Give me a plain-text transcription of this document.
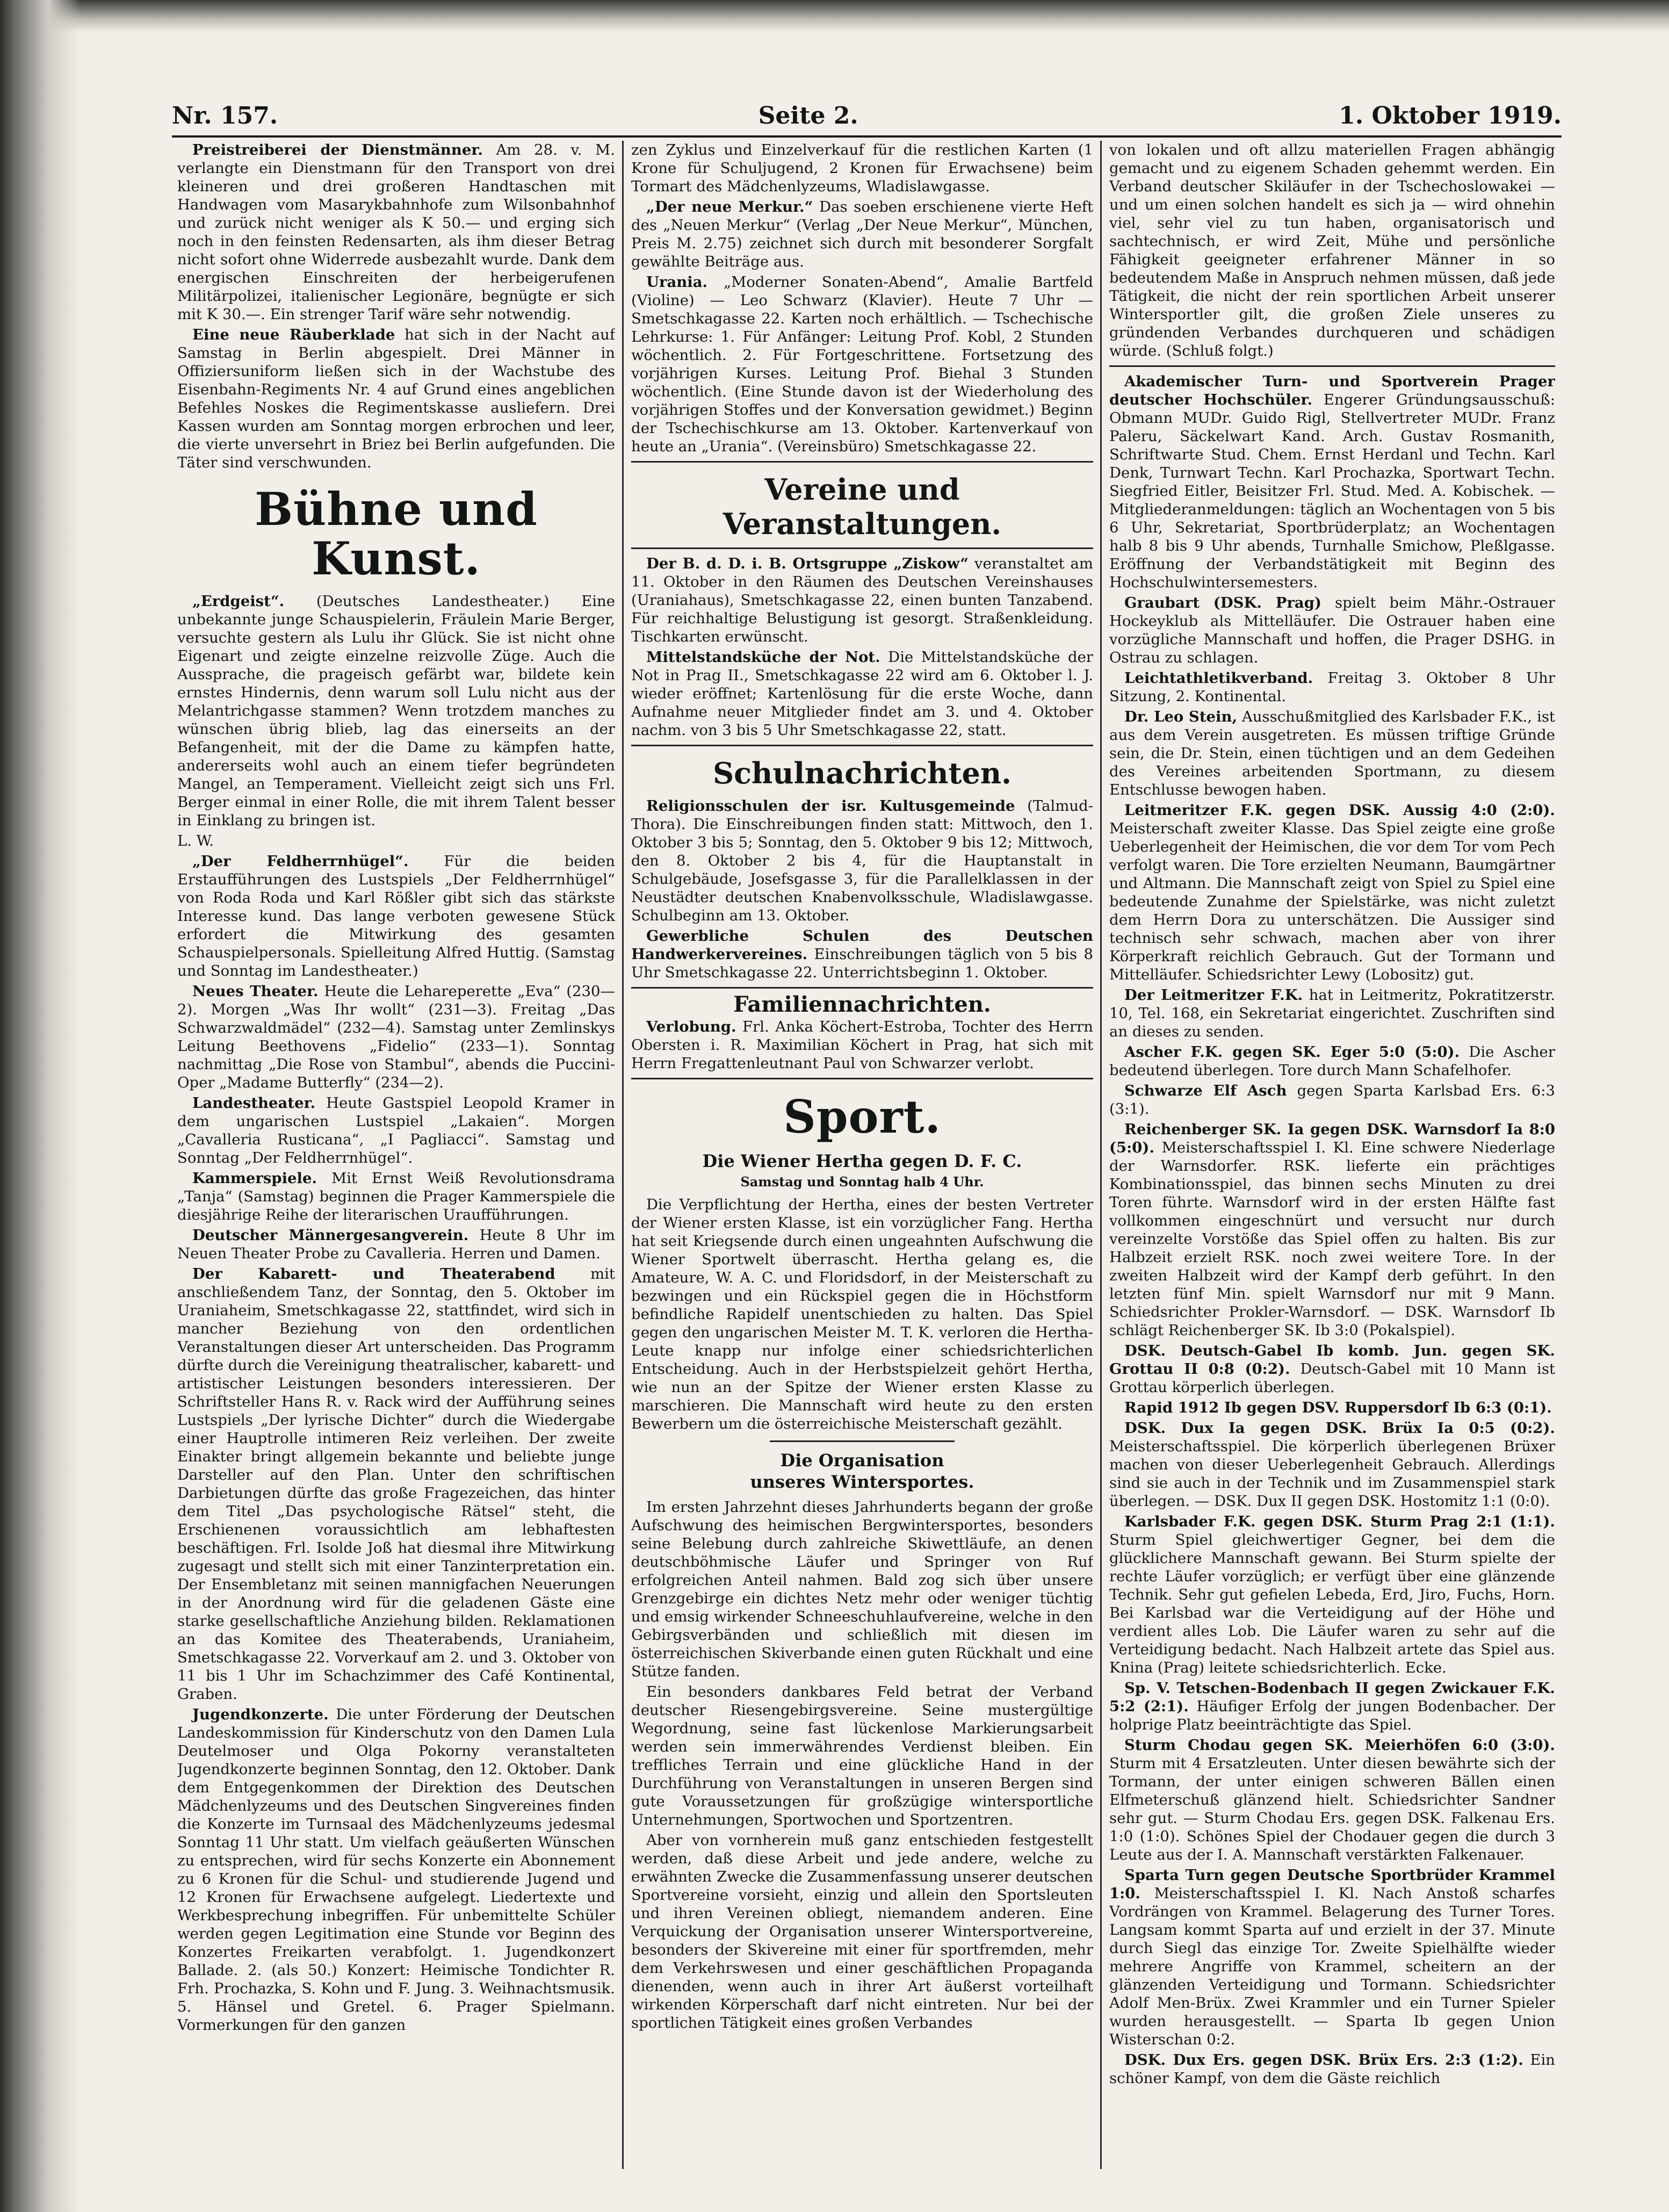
Nr. 157.	Seite 2.	1. Oktober 1919.

Preistreiberei der Dienstmänner. Am 28. v. M. verlangte ein Dienstmann für den Transport von drei kleineren und drei großeren Handtaschen mit Handwagen vom Masarykbahnhofe zum Wilsonbahnhof und zurück nicht weniger als K 50.— und erging sich noch in den feinsten Redensarten, als ihm dieser Betrag nicht sofort ohne Widerrede ausbezahlt wurde. Dank dem energischen Einschreiten der herbeigerufenen Militärpolizei, italienischer Legionäre, begnügte er sich mit K 30.—. Ein strenger Tarif wäre sehr notwendig.

Eine neue Räuberklade hat sich in der Nacht auf Samstag in Berlin abgespielt. Drei Männer in Offiziersuniform ließen sich in der Wachstube des Eisenbahn-Regiments Nr. 4 auf Grund eines angeblichen Befehles Noskes die Regimentskasse ausliefern. Drei Kassen wurden am Sonntag morgen erbrochen und leer, die vierte unversehrt in Briez bei Berlin aufgefunden. Die Täter sind verschwunden.

Bühne und Kunst.

„Erdgeist“. (Deutsches Landestheater.) Eine unbekannte junge Schauspielerin, Fräulein Marie Berger, versuchte gestern als Lulu ihr Glück. Sie ist nicht ohne Eigenart und zeigte einzelne reizvolle Züge. Auch die Aussprache, die prageisch gefärbt war, bildete kein ernstes Hindernis, denn warum soll Lulu nicht aus der Melantrichgasse stammen? Wenn trotzdem manches zu wünschen übrig blieb, lag das einerseits an der Befangenheit, mit der die Dame zu kämpfen hatte, andererseits wohl auch an einem tiefer begründeten Mangel, an Temperament. Vielleicht zeigt sich uns Frl. Berger einmal in einer Rolle, die mit ihrem Talent besser in Einklang zu bringen ist.

L. W.

„Der Feldherrnhügel“. Für die beiden Erstaufführungen des Lustspiels „Der Feldherrnhügel“ von Roda Roda und Karl Rößler gibt sich das stärkste Interesse kund. Das lange verboten gewesene Stück erfordert die Mitwirkung des gesamten Schauspielpersonals. Spielleitung Alfred Huttig. (Samstag und Sonntag im Landestheater.)

Neues Theater. Heute die Lehareperette „Eva“ (230—2). Morgen „Was Ihr wollt“ (231—3). Freitag „Das Schwarzwaldmädel“ (232—4). Samstag unter Zemlinskys Leitung Beethovens „Fidelio“ (233—1). Sonntag nachmittag „Die Rose von Stambul“, abends die Puccini-Oper „Madame Butterfly“ (234—2).

Landestheater. Heute Gastspiel Leopold Kramer in dem ungarischen Lustspiel „Lakaien“. Morgen „Cavalleria Rusticana“, „I Pagliacci“. Samstag und Sonntag „Der Feldherrnhügel“.

Kammerspiele. Mit Ernst Weiß Revolutionsdrama „Tanja“ (Samstag) beginnen die Prager Kammerspiele die diesjährige Reihe der literarischen Uraufführungen.

Deutscher Männergesangverein. Heute 8 Uhr im Neuen Theater Probe zu Cavalleria. Herren und Damen.

Der Kabarett- und Theaterabend mit anschließendem Tanz, der Sonntag, den 5. Oktober im Uraniaheim, Smetschkagasse 22, stattfindet, wird sich in mancher Beziehung von den ordentlichen Veranstaltungen dieser Art unterscheiden. Das Programm dürfte durch die Vereinigung theatralischer, kabarett- und artistischer Leistungen besonders interessieren. Der Schriftsteller Hans R. v. Rack wird der Aufführung seines Lustspiels „Der lyrische Dichter“ durch die Wiedergabe einer Hauptrolle intimeren Reiz verleihen. Der zweite Einakter bringt allgemein bekannte und beliebte junge Darsteller auf den Plan. Unter den schriftischen Darbietungen dürfte das große Fragezeichen, das hinter dem Titel „Das psychologische Rätsel“ steht, die Erschienenen voraussichtlich am lebhaftesten beschäftigen. Frl. Isolde Joß hat diesmal ihre Mitwirkung zugesagt und stellt sich mit einer Tanzinterpretation ein. Der Ensembletanz mit seinen mannigfachen Neuerungen in der Anordnung wird für die geladenen Gäste eine starke gesellschaftliche Anziehung bilden. Reklamationen an das Komitee des Theaterabends, Uraniaheim, Smetschkagasse 22. Vorverkauf am 2. und 3. Oktober von 11 bis 1 Uhr im Schachzimmer des Café Kontinental, Graben.

Jugendkonzerte. Die unter Förderung der Deutschen Landeskommission für Kinderschutz von den Damen Lula Deutelmoser und Olga Pokorny veranstalteten Jugendkonzerte beginnen Sonntag, den 12. Oktober. Dank dem Entgegenkommen der Direktion des Deutschen Mädchenlyzeums und des Deutschen Singvereines finden die Konzerte im Turnsaal des Mädchenlyzeums jedesmal Sonntag 11 Uhr statt. Um vielfach geäußerten Wünschen zu entsprechen, wird für sechs Konzerte ein Abonnement zu 6 Kronen für die Schul- und studierende Jugend und 12 Kronen für Erwachsene aufgelegt. Liedertexte und Werkbesprechung inbegriffen. Für unbemittelte Schüler werden gegen Legitimation eine Stunde vor Beginn des Konzertes Freikarten verabfolgt. 1. Jugendkonzert Ballade. 2. (als 50.) Konzert: Heimische Tondichter R. Frh. Prochazka, S. Kohn und F. Jung. 3. Weihnachtsmusik. 5. Hänsel und Gretel. 6. Prager Spielmann. Vormerkungen für den ganzen

zen Zyklus und Einzelverkauf für die restlichen Karten (1 Krone für Schuljugend, 2 Kronen für Erwachsene) beim Tormart des Mädchenlyzeums, Wladislawgasse.

„Der neue Merkur.“ Das soeben erschienene vierte Heft des „Neuen Merkur“ (Verlag „Der Neue Merkur“, München, Preis M. 2.75) zeichnet sich durch mit besonderer Sorgfalt gewählte Beiträge aus.

Urania. „Moderner Sonaten-Abend“, Amalie Bartfeld (Violine) — Leo Schwarz (Klavier). Heute 7 Uhr — Smetschkagasse 22. Karten noch erhältlich. — Tschechische Lehrkurse: 1. Für Anfänger: Leitung Prof. Kobl, 2 Stunden wöchentlich. 2. Für Fortgeschrittene. Fortsetzung des vorjährigen Kurses. Leitung Prof. Biehal 3 Stunden wöchentlich. (Eine Stunde davon ist der Wiederholung des vorjährigen Stoffes und der Konversation gewidmet.) Beginn der Tschechischkurse am 13. Oktober. Kartenverkauf von heute an „Urania“. (Vereinsbüro) Smetschkagasse 22.

Vereine und Veranstaltungen.

Der B. d. D. i. B. Ortsgruppe „Ziskow“ veranstaltet am 11. Oktober in den Räumen des Deutschen Vereinshauses (Uraniahaus), Smetschkagasse 22, einen bunten Tanzabend. Für reichhaltige Belustigung ist gesorgt. Straßenkleidung. Tischkarten erwünscht.

Mittelstandsküche der Not. Die Mittelstandsküche der Not in Prag II., Smetschkagasse 22 wird am 6. Oktober l. J. wieder eröffnet; Kartenlösung für die erste Woche, dann Aufnahme neuer Mitglieder findet am 3. und 4. Oktober nachm. von 3 bis 5 Uhr Smetschkagasse 22, statt.

Schulnachrichten.

Religionsschulen der isr. Kultusgemeinde (Talmud-Thora). Die Einschreibungen finden statt: Mittwoch, den 1. Oktober 3 bis 5; Sonntag, den 5. Oktober 9 bis 12; Mittwoch, den 8. Oktober 2 bis 4, für die Hauptanstalt in Schulgebäude, Josefsgasse 3, für die Parallelklassen in der Neustädter deutschen Knabenvolksschule, Wladislawgasse. Schulbeginn am 13. Oktober.

Gewerbliche Schulen des Deutschen Handwerkervereines. Einschreibungen täglich von 5 bis 8 Uhr Smetschkagasse 22. Unterrichtsbeginn 1. Oktober.

Familiennachrichten.

Verlobung. Frl. Anka Köchert-Estroba, Tochter des Herrn Obersten i. R. Maximilian Köchert in Prag, hat sich mit Herrn Fregattenleutnant Paul von Schwarzer verlobt.

Sport.
Die Wiener Hertha gegen D. F. C.
Samstag und Sonntag halb 4 Uhr.

Die Verpflichtung der Hertha, eines der besten Vertreter der Wiener ersten Klasse, ist ein vorzüglicher Fang. Hertha hat seit Kriegsende durch einen ungeahnten Aufschwung die Wiener Sportwelt überrascht. Hertha gelang es, die Amateure, W. A. C. und Floridsdorf, in der Meisterschaft zu bezwingen und ein Rückspiel gegen die in Höchstform befindliche Rapidelf unentschieden zu halten. Das Spiel gegen den ungarischen Meister M. T. K. verloren die Hertha-Leute knapp nur infolge einer schiedsrichterlichen Entscheidung. Auch in der Herbstspielzeit gehört Hertha, wie nun an der Spitze der Wiener ersten Klasse zu marschieren. Die Mannschaft wird heute zu den ersten Bewerbern um die österreichische Meisterschaft gezählt.

Die Organisation
unseres Wintersportes.

Im ersten Jahrzehnt dieses Jahrhunderts begann der große Aufschwung des heimischen Bergwintersportes, besonders seine Belebung durch zahlreiche Skiwettläufe, an denen deutschböhmische Läufer und Springer von Ruf erfolgreichen Anteil nahmen. Bald zog sich über unsere Grenzgebirge ein dichtes Netz mehr oder weniger tüchtig und emsig wirkender Schneeschuhlaufvereine, welche in den Gebirgsverbänden und schließlich mit diesen im österreichischen Skiverbande einen guten Rückhalt und eine Stütze fanden.

Ein besonders dankbares Feld betrat der Verband deutscher Riesengebirgsvereine. Seine mustergültige Wegordnung, seine fast lückenlose Markierungsarbeit werden sein immerwährendes Verdienst bleiben. Ein treffliches Terrain und eine glückliche Hand in der Durchführung von Veranstaltungen in unseren Bergen sind gute Voraussetzungen für großzügige wintersportliche Unternehmungen, Sportwochen und Sportzentren.

Aber von vornherein muß ganz entschieden festgestellt werden, daß diese Arbeit und jede andere, welche zu erwähnten Zwecke die Zusammenfassung unserer deutschen Sportvereine vorsieht, einzig und allein den Sportsleuten und ihren Vereinen obliegt, niemandem anderen. Eine Verquickung der Organisation unserer Wintersportvereine, besonders der Skivereine mit einer für sportfremden, mehr dem Verkehrswesen und einer geschäftlichen Propaganda dienenden, wenn auch in ihrer Art äußerst vorteilhaft wirkenden Körperschaft darf nicht eintreten. Nur bei der sportlichen Tätigkeit eines großen Verbandes

von lokalen und oft allzu materiellen Fragen abhängig gemacht und zu eigenem Schaden gehemmt werden. Ein Verband deutscher Skiläufer in der Tschechoslowakei — und um einen solchen handelt es sich ja — wird ohnehin viel, sehr viel zu tun haben, organisatorisch und sachtechnisch, er wird Zeit, Mühe und persönliche Fähigkeit geeigneter erfahrener Männer in so bedeutendem Maße in Anspruch nehmen müssen, daß jede Tätigkeit, die nicht der rein sportlichen Arbeit unserer Wintersportler gilt, die großen Ziele unseres zu gründenden Verbandes durchqueren und schädigen würde. (Schluß folgt.)

Akademischer Turn- und Sportverein Prager deutscher Hochschüler. Engerer Gründungsausschuß: Obmann MUDr. Guido Rigl, Stellvertreter MUDr. Franz Paleru, Säckelwart Kand. Arch. Gustav Rosmanith, Schriftwarte Stud. Chem. Ernst Herdanl und Techn. Karl Denk, Turnwart Techn. Karl Prochazka, Sportwart Techn. Siegfried Eitler, Beisitzer Frl. Stud. Med. A. Kobischek. — Mitgliederanmeldungen: täglich an Wochentagen von 5 bis 6 Uhr, Sekretariat, Sportbrüderplatz; an Wochentagen halb 8 bis 9 Uhr abends, Turnhalle Smichow, Pleßlgasse. Eröffnung der Verbandstätigkeit mit Beginn des Hochschulwintersemesters.

Graubart (DSK. Prag) spielt beim Mähr.-Ostrauer Hockeyklub als Mittelläufer. Die Ostrauer haben eine vorzügliche Mannschaft und hoffen, die Prager DSHG. in Ostrau zu schlagen.

Leichtathletikverband. Freitag 3. Oktober 8 Uhr Sitzung, 2. Kontinental.

Dr. Leo Stein, Ausschußmitglied des Karlsbader F.K., ist aus dem Verein ausgetreten. Es müssen triftige Gründe sein, die Dr. Stein, einen tüchtigen und an dem Gedeihen des Vereines arbeitenden Sportmann, zu diesem Entschlusse bewogen haben.

Leitmeritzer F.K. gegen DSK. Aussig 4:0 (2:0). Meisterschaft zweiter Klasse. Das Spiel zeigte eine große Ueberlegenheit der Heimischen, die vor dem Tor vom Pech verfolgt waren. Die Tore erzielten Neumann, Baumgärtner und Altmann. Die Mannschaft zeigt von Spiel zu Spiel eine bedeutende Zunahme der Spielstärke, was nicht zuletzt dem Herrn Dora zu unterschätzen. Die Aussiger sind technisch sehr schwach, machen aber von ihrer Körperkraft reichlich Gebrauch. Gut der Tormann und Mittelläufer. Schiedsrichter Lewy (Lobositz) gut.

Der Leitmeritzer F.K. hat in Leitmeritz, Pokratitzerstr. 10, Tel. 168, ein Sekretariat eingerichtet. Zuschriften sind an dieses zu senden.

Ascher F.K. gegen SK. Eger 5:0 (5:0). Die Ascher bedeutend überlegen. Tore durch Mann Schafelhofer.

Schwarze Elf Asch gegen Sparta Karlsbad Ers. 6:3 (3:1).

Reichenberger SK. Ia gegen DSK. Warnsdorf Ia 8:0 (5:0). Meisterschaftsspiel I. Kl. Eine schwere Niederlage der Warnsdorfer. RSK. lieferte ein prächtiges Kombinationsspiel, das binnen sechs Minuten zu drei Toren führte. Warnsdorf wird in der ersten Hälfte fast vollkommen eingeschnürt und versucht nur durch vereinzelte Vorstöße das Spiel offen zu halten. Bis zur Halbzeit erzielt RSK. noch zwei weitere Tore. In der zweiten Halbzeit wird der Kampf derb geführt. In den letzten fünf Min. spielt Warnsdorf nur mit 9 Mann. Schiedsrichter Prokler-Warnsdorf. — DSK. Warnsdorf Ib schlägt Reichenberger SK. Ib 3:0 (Pokalspiel).

DSK. Deutsch-Gabel Ib komb. Jun. gegen SK. Grottau II 0:8 (0:2). Deutsch-Gabel mit 10 Mann ist Grottau körperlich überlegen.

Rapid 1912 Ib gegen DSV. Ruppersdorf Ib 6:3 (0:1).

DSK. Dux Ia gegen DSK. Brüx Ia 0:5 (0:2). Meisterschaftsspiel. Die körperlich überlegenen Brüxer machen von dieser Ueberlegenheit Gebrauch. Allerdings sind sie auch in der Technik und im Zusammenspiel stark überlegen. — DSK. Dux II gegen DSK. Hostomitz 1:1 (0:0).

Karlsbader F.K. gegen DSK. Sturm Prag 2:1 (1:1). Sturm Spiel gleichwertiger Gegner, bei dem die glücklichere Mannschaft gewann. Bei Sturm spielte der rechte Läufer vorzüglich; er verfügt über eine glänzende Technik. Sehr gut gefielen Lebeda, Erd, Jiro, Fuchs, Horn. Bei Karlsbad war die Verteidigung auf der Höhe und verdient alles Lob. Die Läufer waren zu sehr auf die Verteidigung bedacht. Nach Halbzeit artete das Spiel aus. Knina (Prag) leitete schiedsrichterlich. Ecke.

Sp. V. Tetschen-Bodenbach II gegen Zwickauer F.K. 5:2 (2:1). Häufiger Erfolg der jungen Bodenbacher. Der holprige Platz beeinträchtigte das Spiel.

Sturm Chodau gegen SK. Meierhöfen 6:0 (3:0). Sturm mit 4 Ersatzleuten. Unter diesen bewährte sich der Tormann, der unter einigen schweren Bällen einen Elfmeterschuß glänzend hielt. Schiedsrichter Sandner sehr gut. — Sturm Chodau Ers. gegen DSK. Falkenau Ers. 1:0 (1:0). Schönes Spiel der Chodauer gegen die durch 3 Leute aus der I. A. Mannschaft verstärkten Falkenauer.

Sparta Turn gegen Deutsche Sportbrüder Krammel 1:0. Meisterschaftsspiel I. Kl. Nach Anstoß scharfes Vordrängen von Krammel. Belagerung des Turner Tores. Langsam kommt Sparta auf und erzielt in der 37. Minute durch Siegl das einzige Tor. Zweite Spielhälfte wieder mehrere Angriffe von Krammel, scheitern an der glänzenden Verteidigung und Tormann. Schiedsrichter Adolf Men-Brüx. Zwei Krammler und ein Turner Spieler wurden herausgestellt. — Sparta Ib gegen Union Wisterschan 0:2.

DSK. Dux Ers. gegen DSK. Brüx Ers. 2:3 (1:2). Ein schöner Kampf, von dem die Gäste reichlich
